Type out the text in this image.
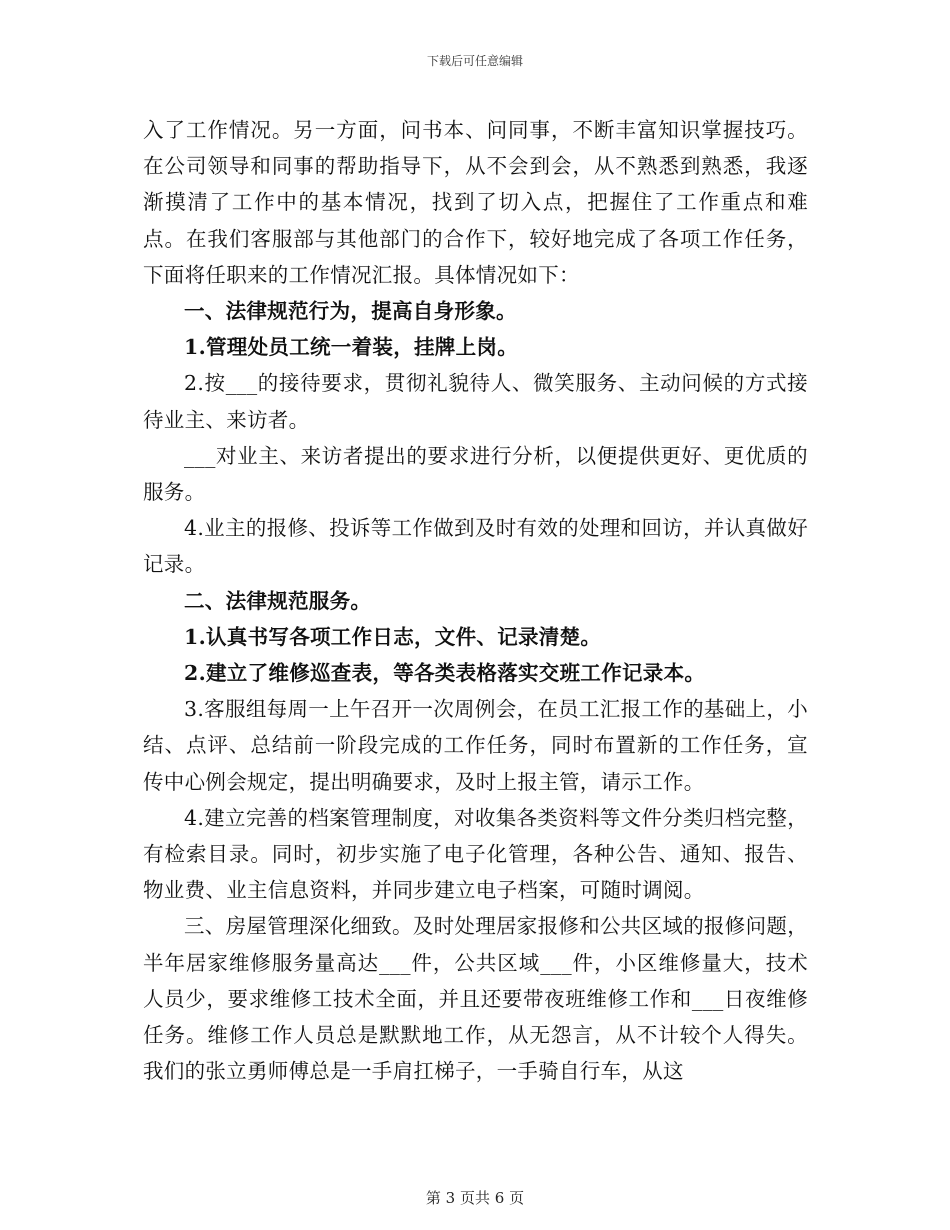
下载后可任意编辑

入了工作情况。另一方面，问书本、问同事，不断丰富知识掌握技巧。在公司领导和同事的帮助指导下，从不会到会，从不熟悉到熟悉，我逐渐摸清了工作中的基本情况，找到了切入点，把握住了工作重点和难点。在我们客服部与其他部门的合作下，较好地完成了各项工作任务，下面将任职来的工作情况汇报。具体情况如下：

一、法律规范行为，提高自身形象。

1.管理处员工统一着装，挂牌上岗。

2.按___的接待要求，贯彻礼貌待人、微笑服务、主动问候的方式接待业主、来访者。

___对业主、来访者提出的要求进行分析，以便提供更好、更优质的服务。

4.业主的报修、投诉等工作做到及时有效的处理和回访，并认真做好记录。

二、法律规范服务。

1.认真书写各项工作日志，文件、记录清楚。

2.建立了维修巡查表，等各类表格落实交班工作记录本。

3.客服组每周一上午召开一次周例会，在员工汇报工作的基础上，小结、点评、总结前一阶段完成的工作任务，同时布置新的工作任务，宣传中心例会规定，提出明确要求，及时上报主管，请示工作。

4.建立完善的档案管理制度，对收集各类资料等文件分类归档完整，有检索目录。同时，初步实施了电子化管理，各种公告、通知、报告、物业费、业主信息资料，并同步建立电子档案，可随时调阅。

三、房屋管理深化细致。及时处理居家报修和公共区域的报修问题，半年居家维修服务量高达___件，公共区域___件，小区维修量大，技术人员少，要求维修工技术全面，并且还要带夜班维修工作和___日夜维修任务。维修工作人员总是默默地工作，从无怨言，从不计较个人得失。我们的张立勇师傅总是一手肩扛梯子，一手骑自行车，从这

第 3 页共 6 页
